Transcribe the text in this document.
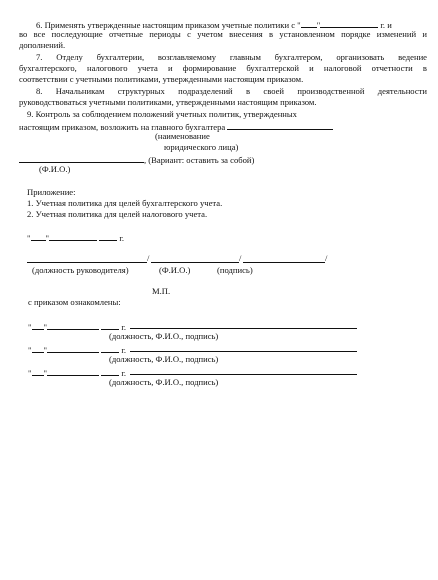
6. Применять утвержденные настоящим приказом учетные политики с " "	г. и
во все последующие отчетные периоды с учетом внесения в установленном порядке изменений и
дополнений.
7. Отделу бухгалтерии, возглавляемому главным бухгалтером, организовать ведение
бухгалтерского, налогового учета и формирование бухгалтерской и налоговой отчетности в
соответствии с учетными политиками, утвержденными настоящим приказом.
8. Начальникам структурных подразделений в своей производственной деятельности
руководствоваться учетными политиками, утвержденными настоящим приказом.
9. Контроль за соблюдением положений учетных политик, утвержденных
настоящим приказом, возложить на главного бухгалтера
(наименование
юридического лица)
, (Вариант: оставить за собой)
(Ф.И.О.)
Приложение:
1. Учетная политика для целей бухгалтерского учета.
2. Учетная политика для целей налогового учета.
" "	г.
/	/	/
(должность руководителя)	(Ф.И.О.)	(подпись)
М.П.
с приказом ознакомлены:
" "	г.
(должность, Ф.И.О., подпись)
" "	г.
(должность, Ф.И.О., подпись)
" "	г.
(должность, Ф.И.О., подпись)
